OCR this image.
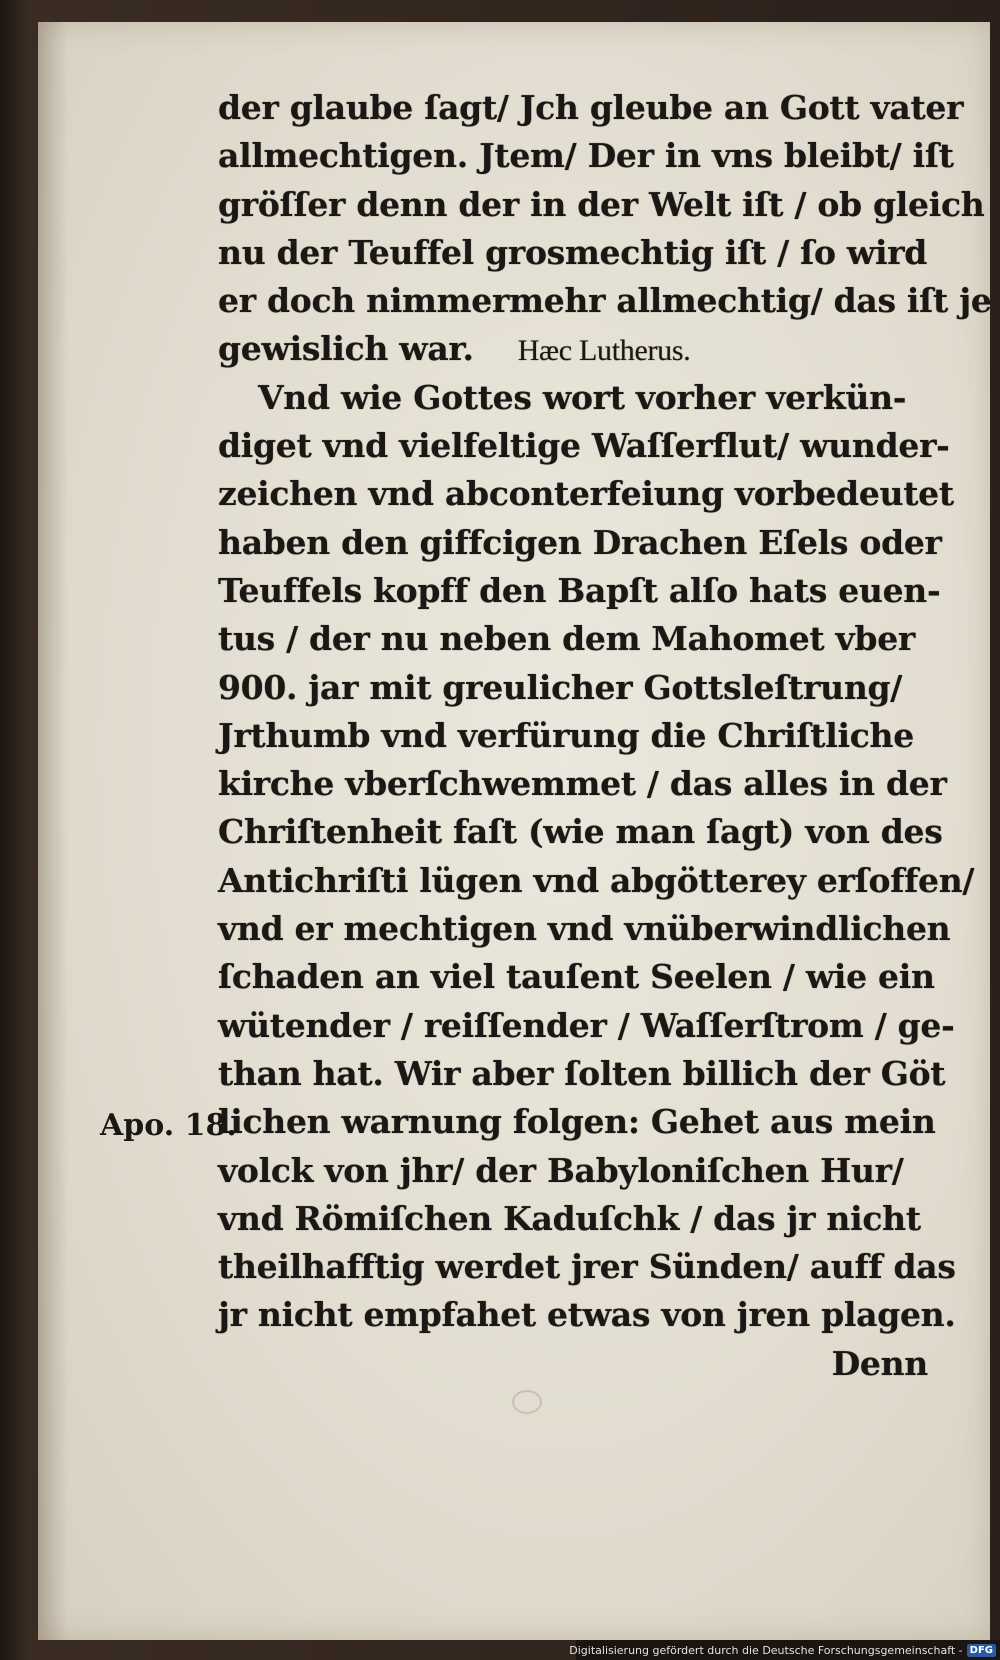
der glaube ſagt/ Jch gleube an Gott vater
allmechtigen. Jtem/ Der in vns bleibt/ iſt
gröſſer denn der in der Welt iſt / ob gleich
nu der Teuffel grosmechtig iſt / ſo wird
er doch nimmermehr allmechtig/ das iſt je
gewislich war. Hæc Lutherus.
Vnd wie Gottes wort vorher verkün-
diget vnd vielfeltige Waſſerflut/ wunder-
zeichen vnd abconterfeiung vorbedeutet
haben den giffcigen Drachen Eſels oder
Teuffels kopff den Bapſt alſo hats euen-
tus / der nu neben dem Mahomet vber
900. jar mit greulicher Gottsleſtrung/
Jrthumb vnd verfürung die Chriſtliche
kirche vberſchwemmet / das alles in der
Chriſtenheit faſt (wie man ſagt) von des
Antichriſti lügen vnd abgötterey erſoffen/
vnd er mechtigen vnd vnüberwindlichen
ſchaden an viel tauſent Seelen / wie ein
wütender / reiſſender / Waſſerſtrom / ge-
than hat. Wir aber ſolten billich der Göt
lichen warnung folgen: Gehet aus mein
volck von jhr/ der Babyloniſchen Hur/
vnd Römiſchen Kaduſchk / das jr nicht
theilhafftig werdet jrer Sünden/ auff das
jr nicht empfahet etwas von jren plagen.
Denn
Apo. 18.
Digitalisierung gefördert durch die Deutsche Forschungsgemeinschaft - DFG
